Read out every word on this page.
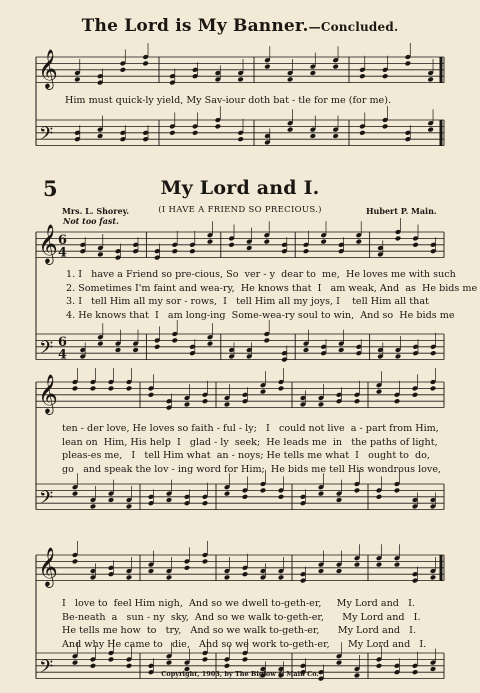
The Lord is My Banner.—Concluded.
𝄞
𝄢
𝄞
𝄢
6
4
6
4
𝄞
𝄢
𝄞
𝄢
Him must quick-ly yield, My Sav-iour doth bat - tle for me (for me).
5	My Lord and I.
Mrs. L. Shorey.	(I HAVE A FRIEND SO PRECIOUS.)	Hubert P. Main.
Not too fast.
1. I   have a Friend so pre-cious, So  ver - y  dear to  me,  He loves me with such
2. Sometimes I'm faint and wea-ry,  He knows that  I   am weak, And  as  He bids me
3. I   tell Him all my sor - rows,  I   tell Him all my joys, I    tell Him all that
4. He knows that  I   am long-ing  Some-wea-ry soul to win,  And so  He bids me
ten - der love, He loves so faith - ful - ly;   I   could not live  a - part from Him,
lean on  Him, His help  I   glad - ly  seek;  He leads me  in   the paths of light,
pleas-es me,   I   tell Him what  an - noys; He tells me what  I   ought to  do,
go   and speak the lov - ing word for Him;  He bids me tell His wondrous love,
I   love to  feel Him nigh,  And so we dwell to-geth-er,     My Lord and   I.
Be-neath  a   sun - ny  sky,  And so we walk to-geth-er,      My Lord and   I.
He tells me how  to   try,   And so we walk to-geth-er,      My Lord and   I.
And why He came to   die,   And so we work to-geth-er,      My Lord and   I.
Copyright, 1903, by The Biglow & Main Co.
